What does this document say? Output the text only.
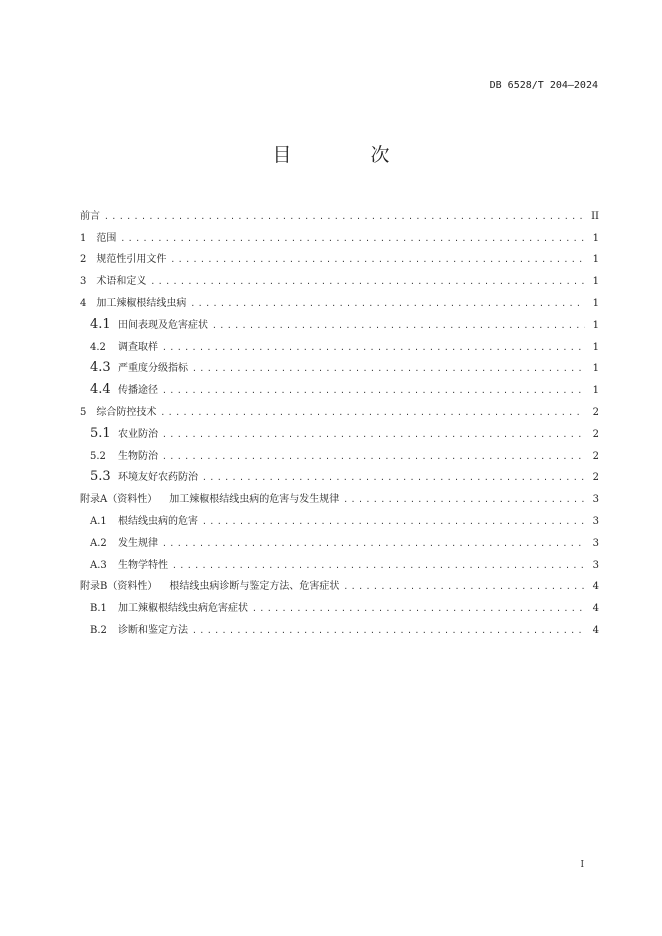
DB 6528/T 204—2024
目　次
前言 .....	II
1 范围 .....	1
2 规范性引用文件 .....	1
3 术语和定义 .....	1
4 加工辣椒根结线虫病 .....	1
4.1 田间表现及危害症状 .....	1
4.2 调查取样 .....	1
4.3 严重度分级指标 .....	1
4.4 传播途径 .....	1
5 综合防控技术 .....	2
5.1 农业防治 .....	2
5.2 生物防治 .....	2
5.3 环境友好农药防治 .....	2
附录A（资料性） 加工辣椒根结线虫病的危害与发生规律 .....	3
A.1 根结线虫病的危害 .....	3
A.2 发生规律 .....	3
A.3 生物学特性 .....	3
附录B（资料性） 根结线虫病诊断与鉴定方法、危害症状 .....	4
B.1 加工辣椒根结线虫病危害症状 .....	4
B.2 诊断和鉴定方法 .....	4
I
